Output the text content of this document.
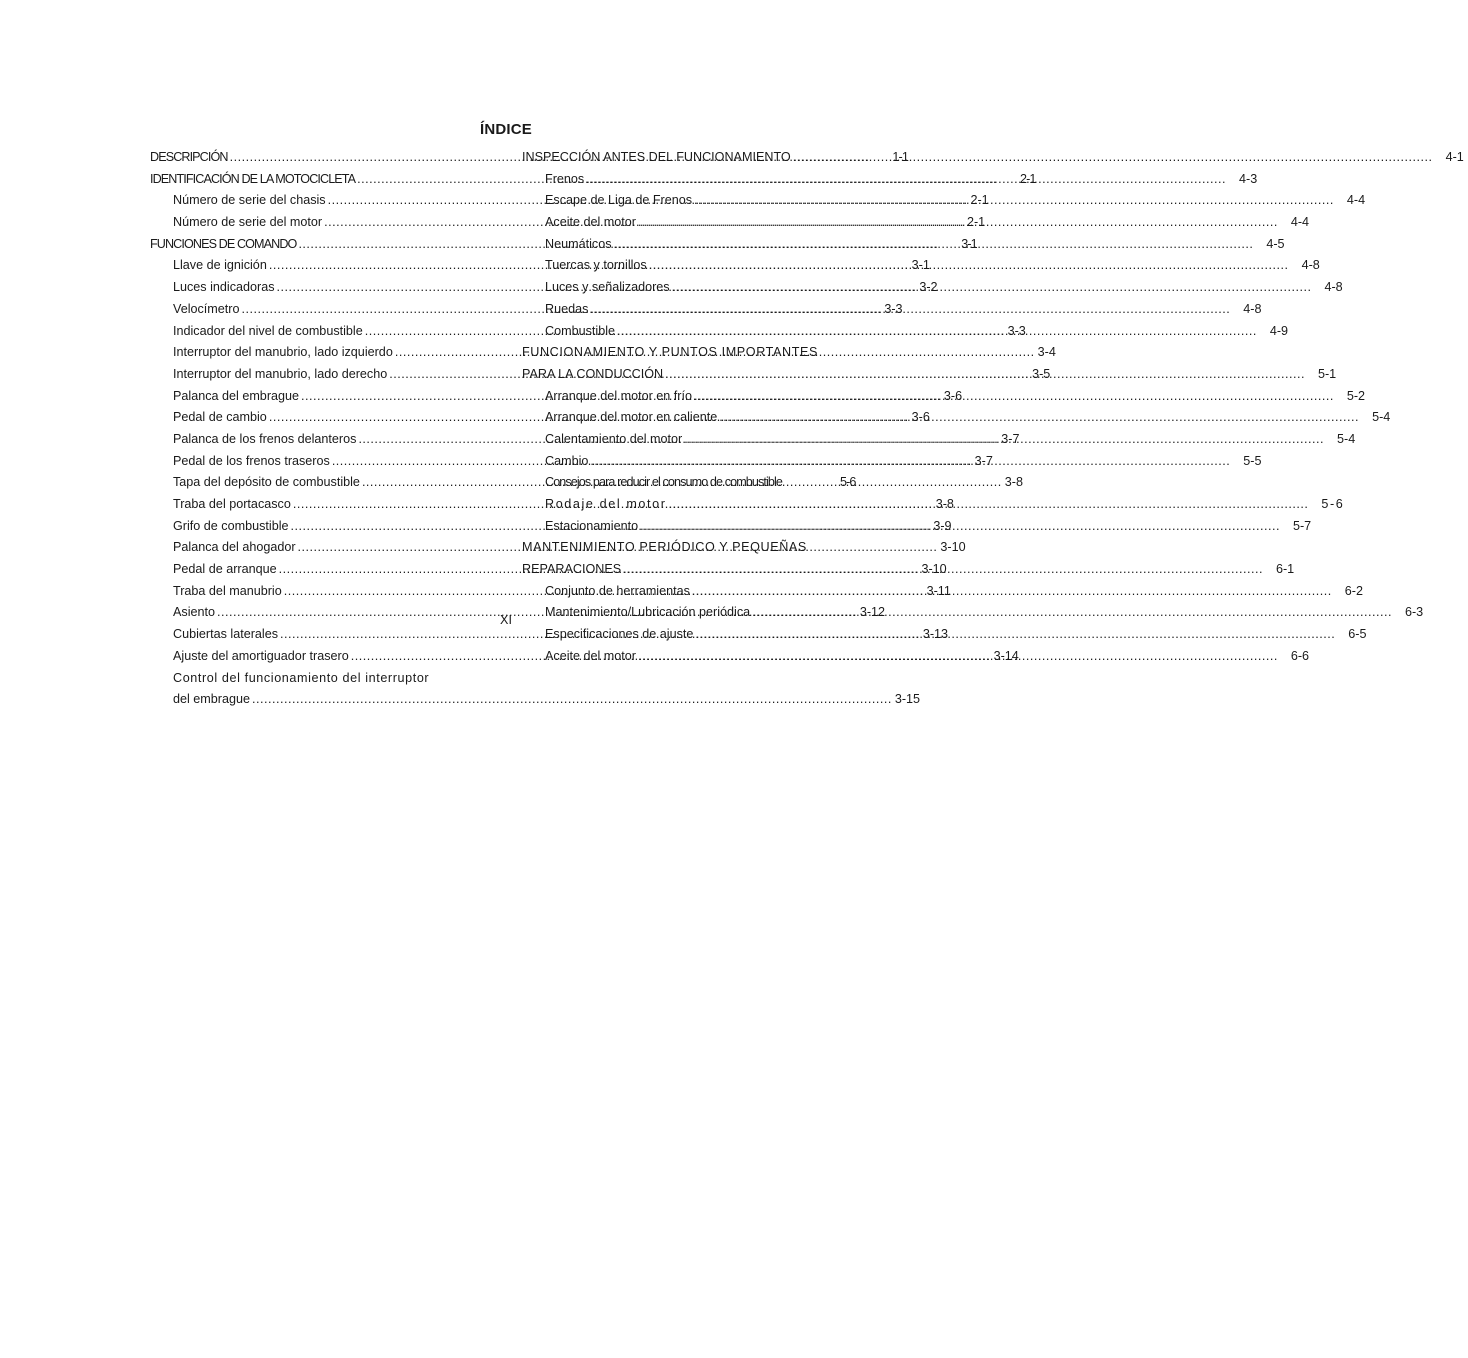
ÍNDICE
DESCRIPCIÓN .....	1-1
IDENTIFICACIÓN DE LA MOTOCICLETA .....	2-1
Número de serie del chasis .....	2-1
Número de serie del motor .....	2-1
FUNCIONES DE COMANDO .....	3-1
Llave de ignición .....	3-1
Luces indicadoras .....	3-2
Velocímetro .....	3-3
Indicador del nivel de combustible .....	3-3
Interruptor del manubrio, lado izquierdo .....	3-4
Interruptor del manubrio, lado derecho .....	3-5
Palanca del embrague .....	3-6
Pedal de cambio .....	3-6
Palanca de los frenos delanteros .....	3-7
Pedal de los frenos traseros .....	3-7
Tapa del depósito de combustible .....	3-8
Traba del portacasco .....	3-8
Grifo de combustible .....	3-9
Palanca del ahogador .....	3-10
Pedal de arranque .....	3-10
Traba del manubrio .....	3-11
Asiento .....	3-12
Cubiertas laterales .....	3-13
Ajuste del amortiguador trasero .....	3-14
Control del funcionamiento del interruptor
del embrague .....	3-15
INSPECCIÓN ANTES DEL FUNCIONAMIENTO .....	4-1
Frenos .....	4-3
Escape de Liga de Frenos .....	4-4
Aceite del motor .....	4-4
Neumáticos .....	4-5
Tuercas y tornillos .....	4-8
Luces y señalizadores .....	4-8
Ruedas .....	4-8
Combustible .....	4-9
FUNCIONAMIENTO Y PUNTOS IMPORTANTES
PARA LA CONDUCCIÓN .....	5-1
Arranque del motor en frío .....	5-2
Arranque del motor en caliente .....	5-4
Calentamiento del motor .....	5-4
Cambio .....	5-5
Consejos para reducir el consumo de combustible	5-6
Rodaje del motor .....	5-6
Estacionamiento .....	5-7
MANTENIMIENTO PERIÓDICO Y PEQUEÑAS
REPARACIONES .....	6-1
Conjunto de herramientas .....	6-2
Mantenimiento/Lubricación periódica .....	6-3
Especificaciones de ajuste .....	6-5
Aceite del motor .....	6-6
XI
